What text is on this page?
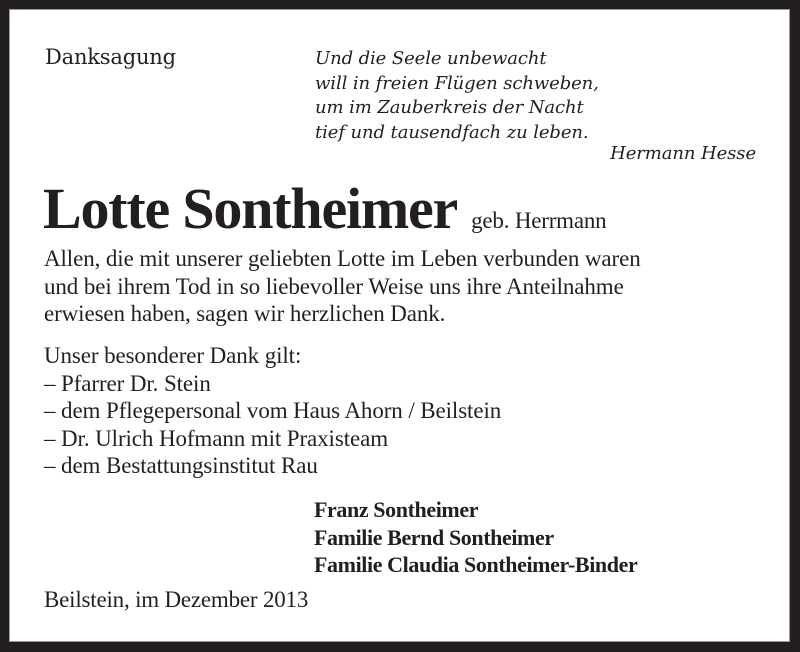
Danksagung	Und die Seele unbewacht
will in freien Flügen schweben,
um im Zauberkreis der Nacht
tief und tausendfach zu leben.
Hermann Hesse
Lotte Sontheimer geb. Herrmann
Allen, die mit unserer geliebten Lotte im Leben verbunden waren
und bei ihrem Tod in so liebevoller Weise uns ihre Anteilnahme
erwiesen haben, sagen wir herzlichen Dank.
Unser besonderer Dank gilt:
– Pfarrer Dr. Stein
– dem Pflegepersonal vom Haus Ahorn / Beilstein
– Dr. Ulrich Hofmann mit Praxisteam
– dem Bestattungsinstitut Rau
Franz Sontheimer
Familie Bernd Sontheimer
Familie Claudia Sontheimer-Binder
Beilstein, im Dezember 2013
